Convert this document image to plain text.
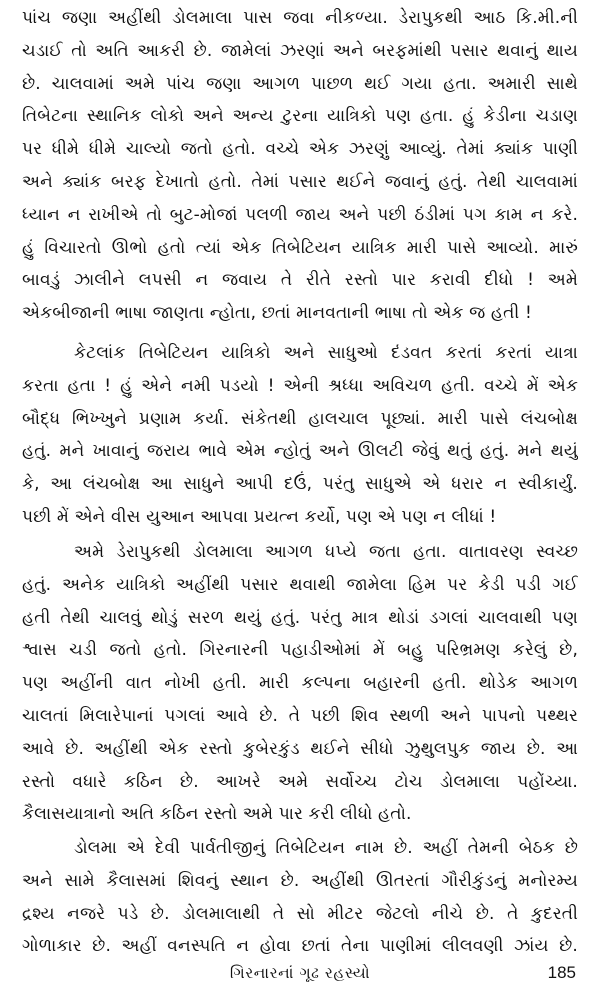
પાંચ જણા અહીંથી ડોલમાલા પાસ જવા નીકળ્યા. ડેરાપુકથી આઠ કિ.મી.ની
ચડાઈ તો અતિ આકરી છે. જામેલાં ઝરણાં અને બરફમાંથી પસાર થવાનું થાય
છે. ચાલવામાં અમે પાંચ જણા આગળ પાછળ થઈ ગયા હતા. અમારી સાથે
તિબેટના સ્થાનિક લોકો અને અન્ય ટુરના યાત્રિકો પણ હતા. હું કેડીના ચડાણ
પર ધીમે ધીમે ચાલ્યો જતો હતો. વચ્ચે એક ઝરણું આવ્યું. તેમાં ક્યાંક પાણી
અને ક્યાંક બરફ દેખાતો હતો. તેમાં પસાર થઈને જવાનું હતું. તેથી ચાલવામાં
ધ્યાન ન રાખીએ તો બુટ-મોજાં પલળી જાય અને પછી ઠંડીમાં પગ કામ ન કરે.
હું વિચારતો ઊભો હતો ત્યાં એક તિબેટિયન યાત્રિક મારી પાસે આવ્યો. મારું
બાવડું ઝાલીને લપસી ન જવાય તે રીતે રસ્તો પાર કરાવી દીધો ! અમે
એકબીજાની ભાષા જાણતા ન્હોતા, છતાં માનવતાની ભાષા તો એક જ હતી !
કેટલાંક તિબેટિયન યાત્રિકો અને સાધુઓ દંડવત કરતાં કરતાં યાત્રા
કરતા હતા ! હું એને નમી પડયો ! એની શ્રધ્ધા અવિચળ હતી. વચ્ચે મેં એક
બૌદ્ધ ભિખ્ખુને પ્રણામ કર્યા. સંકેતથી હાલચાલ પૂછ્યાં. મારી પાસે લંચબોક્ષ
હતું. મને ખાવાનું જરાય ભાવે એમ ન્હોતું અને ઊલટી જેવું થતું હતું. મને થયું
કે, આ લંચબોક્ષ આ સાધુને આપી દઉં, પરંતુ સાધુએ એ ધરાર ન સ્વીકાર્યું.
પછી મેં એને વીસ યુઆન આપવા પ્રયત્ન કર્યો, પણ એ પણ ન લીધાં !
અમે ડેરાપુકથી ડોલમાલા આગળ ધપ્યે જતા હતા. વાતાવરણ સ્વચ્છ
હતું. અનેક યાત્રિકો અહીંથી પસાર થવાથી જામેલા હિમ પર કેડી પડી ગઈ
હતી તેથી ચાલવું થોડું સરળ થયું હતું. પરંતુ માત્ર થોડાં ડગલાં ચાલવાથી પણ
શ્વાસ ચડી જતો હતો. ગિરનારની પહાડીઓમાં મેં બહુ પરિભ્રમણ કરેલું છે,
પણ અહીંની વાત નોખી હતી. મારી કલ્પના બહારની હતી. થોડેક આગળ
ચાલતાં મિલારેપાનાં પગલાં આવે છે. તે પછી શિવ સ્થળી અને પાપનો પથ્થર
આવે છે. અહીંથી એક રસ્તો કુબેરકુંડ થઈને સીધો ઝુથુલપુક જાય છે. આ
રસ્તો વધારે કઠિન છે. આખરે અમે સર્વોચ્ચ ટોચ ડોલમાલા પહોંચ્યા.
કૈલાસયાત્રાનો અતિ કઠિન રસ્તો અમે પાર કરી લીધો હતો.
ડોલમા એ દેવી પાર્વતીજીનું તિબેટિયન નામ છે. અહીં તેમની બેઠક છે
અને સામે કૈલાસમાં શિવનું સ્થાન છે. અહીંથી ઊતરતાં ગૌરીકુંડનું મનોરમ્ય
દ્રશ્ય નજરે પડે છે. ડોલમાલાથી તે સો મીટર જેટલો નીચે છે. તે કુદરતી
ગોળાકાર છે. અહીં વનસ્પતિ ન હોવા છતાં તેના પાણીમાં લીલવણી ઝાંય છે.
ગિરનારનાં ગૂઢ રહસ્યો	185
